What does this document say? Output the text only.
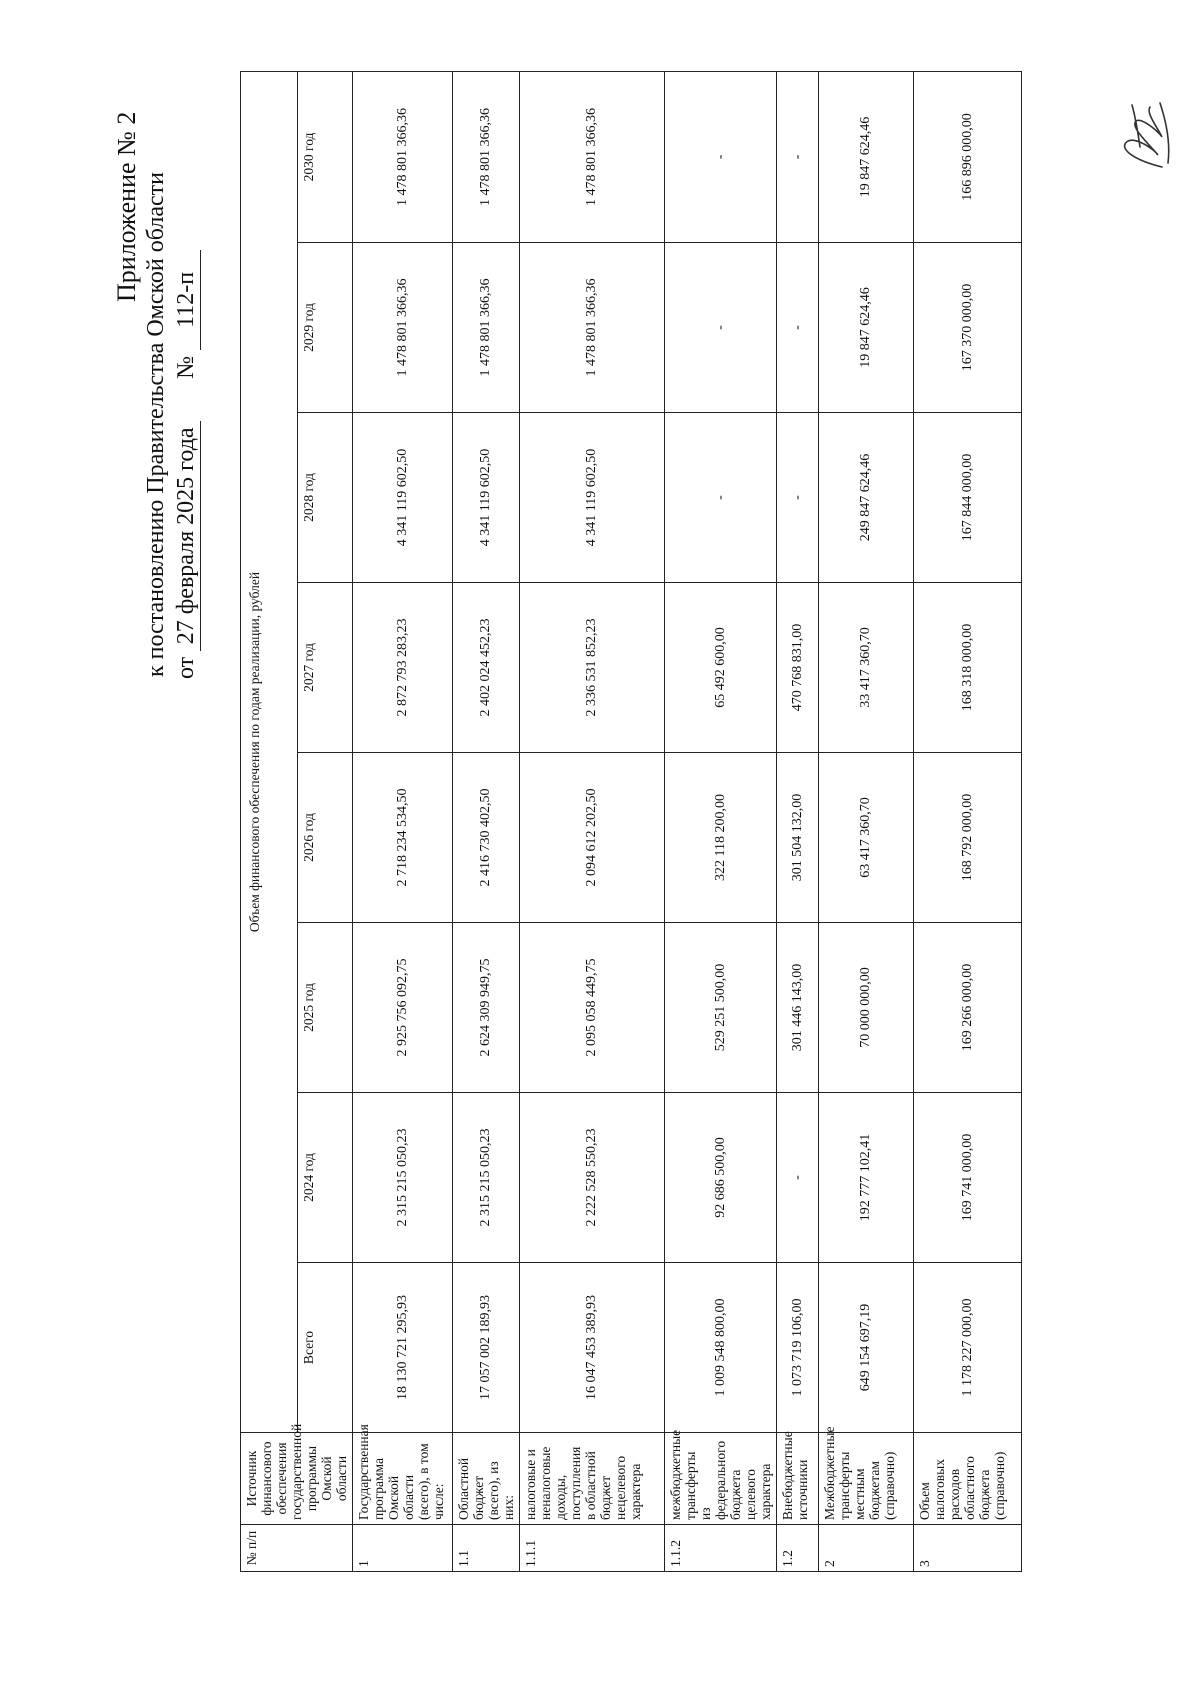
Приложение № 2 к постановлению Правительства Омской области от 27 февраля 2025 года  № 112-п
№ п/п	Источник финансового обеспечения государственной программы Омской области	Объем финансового обеспечения по годам реализации, рублей							
		Всего	2024 год	2025 год	2026 год	2027 год	2028 год	2029 год	2030 год
1	Государственная программа Омской области (всего), в том числе:	18 130 721 295,93	2 315 215 050,23	2 925 756 092,75	2 718 234 534,50	2 872 793 283,23	4 341 119 602,50	1 478 801 366,36	1 478 801 366,36
1.1	Областной бюджет (всего), из них:	17 057 002 189,93	2 315 215 050,23	2 624 309 949,75	2 416 730 402,50	2 402 024 452,23	4 341 119 602,50	1 478 801 366,36	1 478 801 366,36
1.1.1	налоговые и неналоговые доходы, поступления в областной бюджет нецелевого характера	16 047 453 389,93	2 222 528 550,23	2 095 058 449,75	2 094 612 202,50	2 336 531 852,23	4 341 119 602,50	1 478 801 366,36	1 478 801 366,36
1.1.2	межбюджетные трансферты из федерального бюджета целевого характера	1 009 548 800,00	92 686 500,00	529 251 500,00	322 118 200,00	65 492 600,00	-	-	-
1.2	Внебюджетные источники	1 073 719 106,00	-	301 446 143,00	301 504 132,00	470 768 831,00	-	-	-
2	Межбюджетные трансферты местным бюджетам (справочно)	649 154 697,19	192 777 102,41	70 000 000,00	63 417 360,70	33 417 360,70	249 847 624,46	19 847 624,46	19 847 624,46
3	Объем налоговых расходов областного бюджета (справочно)	1 178 227 000,00	169 741 000,00	169 266 000,00	168 792 000,00	168 318 000,00	167 844 000,00	167 370 000,00	166 896 000,00
